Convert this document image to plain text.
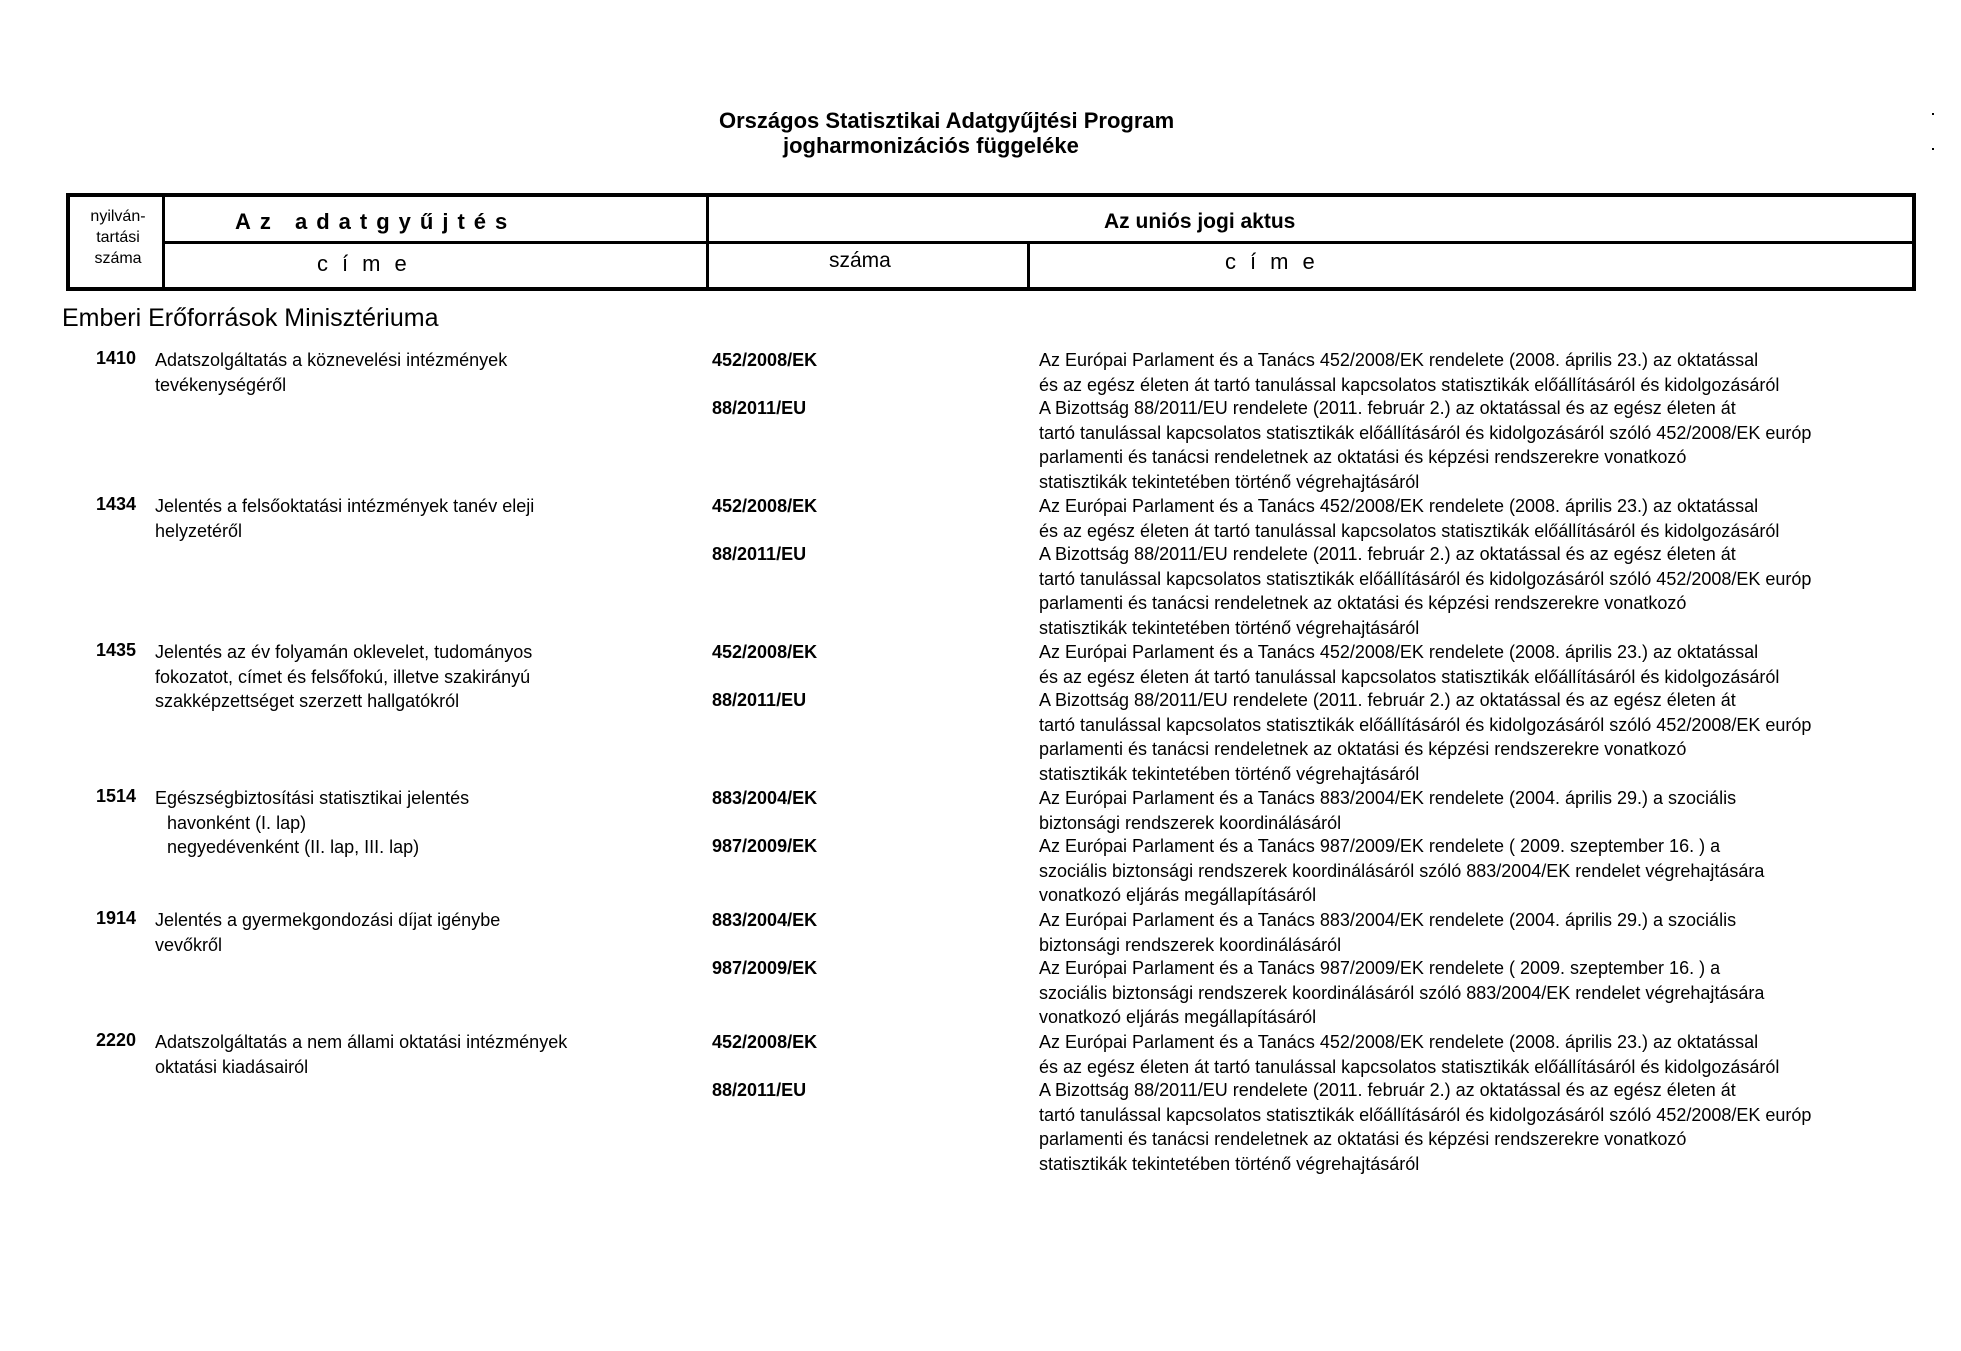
Országos Statisztikai Adatgyűjtési Program
jogharmonizációs függeléke
nyilván-
tartási
száma
Az adatgyűjtés
címe
Az uniós jogi aktus
száma	címe
Emberi Erőforrások Minisztériuma
1410 Adatszolgáltatás a köznevelési intézmények
tevékenységéről
452/2008/EK	Az Európai Parlament és a Tanács 452/2008/EK rendelete (2008. április 23.) az oktatással
és az egész életen át tartó tanulással kapcsolatos statisztikák előállításáról és kidolgozásáról
88/2011/EU	A Bizottság 88/2011/EU rendelete (2011. február 2.) az oktatással és az egész életen át
tartó tanulással kapcsolatos statisztikák előállításáról és kidolgozásáról szóló 452/2008/EK európ
parlamenti és tanácsi rendeletnek az oktatási és képzési rendszerekre vonatkozó
statisztikák tekintetében történő végrehajtásáról
1434 Jelentés a felsőoktatási intézmények tanév eleji
helyzetéről
452/2008/EK	Az Európai Parlament és a Tanács 452/2008/EK rendelete (2008. április 23.) az oktatással
és az egész életen át tartó tanulással kapcsolatos statisztikák előállításáról és kidolgozásáról
88/2011/EU	A Bizottság 88/2011/EU rendelete (2011. február 2.) az oktatással és az egész életen át
tartó tanulással kapcsolatos statisztikák előállításáról és kidolgozásáról szóló 452/2008/EK európ
parlamenti és tanácsi rendeletnek az oktatási és képzési rendszerekre vonatkozó
statisztikák tekintetében történő végrehajtásáról
1435 Jelentés az év folyamán oklevelet, tudományos
fokozatot, címet és felsőfokú, illetve szakirányú
szakképzettséget szerzett hallgatókról
452/2008/EK	Az Európai Parlament és a Tanács 452/2008/EK rendelete (2008. április 23.) az oktatással
és az egész életen át tartó tanulással kapcsolatos statisztikák előállításáról és kidolgozásáról
88/2011/EU	A Bizottság 88/2011/EU rendelete (2011. február 2.) az oktatással és az egész életen át
tartó tanulással kapcsolatos statisztikák előállításáról és kidolgozásáról szóló 452/2008/EK európ
parlamenti és tanácsi rendeletnek az oktatási és képzési rendszerekre vonatkozó
statisztikák tekintetében történő végrehajtásáról
1514 Egészségbiztosítási statisztikai jelentés
havonként (I. lap)
negyedévenként (II. lap, III. lap)
883/2004/EK	Az Európai Parlament és a Tanács 883/2004/EK rendelete (2004. április 29.) a szociális
biztonsági rendszerek koordinálásáról
987/2009/EK	Az Európai Parlament és a Tanács 987/2009/EK rendelete ( 2009. szeptember 16. ) a
szociális biztonsági rendszerek koordinálásáról szóló 883/2004/EK rendelet végrehajtására
vonatkozó eljárás megállapításáról
1914 Jelentés a gyermekgondozási díjat igénybe
vevőkről
883/2004/EK	Az Európai Parlament és a Tanács 883/2004/EK rendelete (2004. április 29.) a szociális
biztonsági rendszerek koordinálásáról
987/2009/EK	Az Európai Parlament és a Tanács 987/2009/EK rendelete ( 2009. szeptember 16. ) a
szociális biztonsági rendszerek koordinálásáról szóló 883/2004/EK rendelet végrehajtására
vonatkozó eljárás megállapításáról
2220 Adatszolgáltatás a nem állami oktatási intézmények
oktatási kiadásairól
452/2008/EK	Az Európai Parlament és a Tanács 452/2008/EK rendelete (2008. április 23.) az oktatással
és az egész életen át tartó tanulással kapcsolatos statisztikák előállításáról és kidolgozásáról
88/2011/EU	A Bizottság 88/2011/EU rendelete (2011. február 2.) az oktatással és az egész életen át
tartó tanulással kapcsolatos statisztikák előállításáról és kidolgozásáról szóló 452/2008/EK európ
parlamenti és tanácsi rendeletnek az oktatási és képzési rendszerekre vonatkozó
statisztikák tekintetében történő végrehajtásáról
